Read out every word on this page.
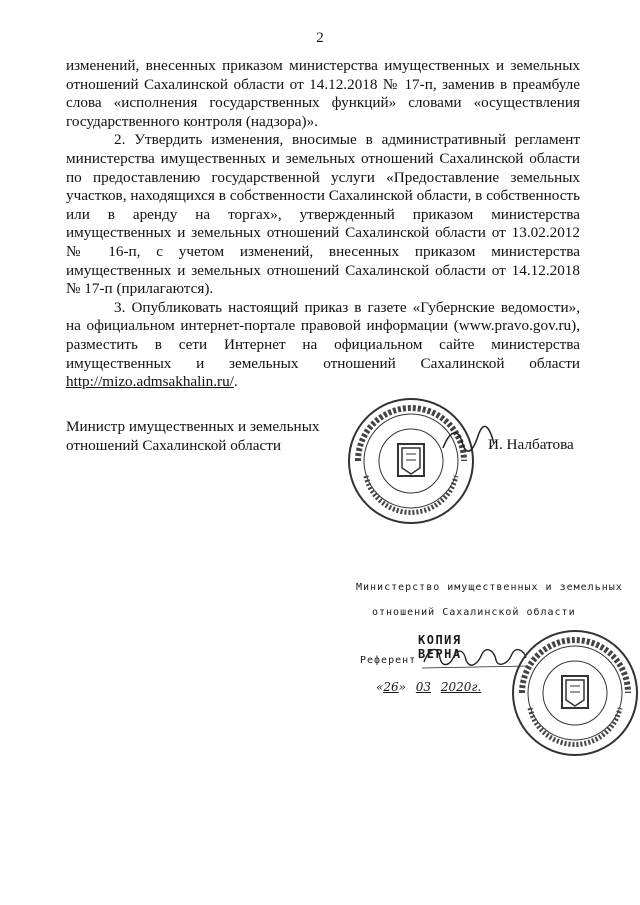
2

изменений, внесенных приказом министерства имущественных и земельных отношений Сахалинской области от 14.12.2018 № 17-п, заменив в преамбуле слова «исполнения государственных функций» словами «осуществления государственного контроля (надзора)».

2. Утвердить изменения, вносимые в административный регламент министерства имущественных и земельных отношений Сахалинской области по предоставлению государственной услуги «Предоставление земельных участков, находящихся в собственности Сахалинской области, в собственность или в аренду на торгах», утвержденный приказом министерства имущественных и земельных отношений Сахалинской области от 13.02.2012 № 16-п, с учетом изменений, внесенных приказом министерства имущественных и земельных отношений Сахалинской области от 14.12.2018 № 17-п (прилагаются).

3. Опубликовать настоящий приказ в газете «Губернские ведомости», на официальном интернет-портале правовой информации (www.pravo.gov.ru), разместить в сети Интернет на официальном сайте министерства имущественных и земельных отношений Сахалинской области http://mizo.admsakhalin.ru/.

Министр имущественных и земельных
отношений Сахалинской области	И. Налбатова
Министерство имущественных и земельных
отношений Сахалинской области
КОПИЯ ВЕРНА
Референт
«26» 03 2020г.
